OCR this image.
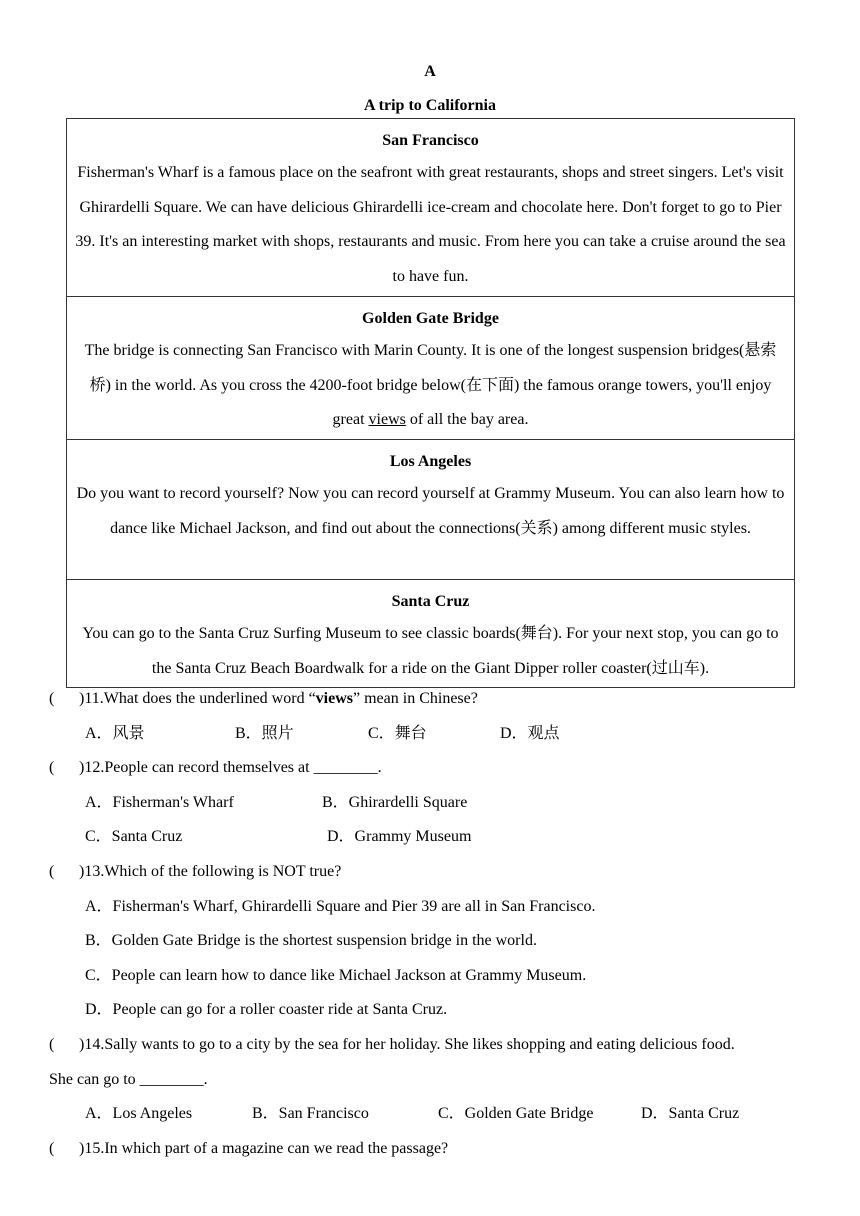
A
A trip to California
San Francisco
Fisherman's Wharf is a famous place on the seafront with great restaurants, shops and street singers. Let's visit Ghirardelli Square. We can have delicious Ghirardelli ice-cream and chocolate here. Don't forget to go to Pier 39. It's an interesting market with shops, restaurants and music. From here you can take a cruise around the sea to have fun.

Golden Gate Bridge
The bridge is connecting San Francisco with Marin County. It is one of the longest suspension bridges(悬索桥) in the world. As you cross the 4200-foot bridge below(在下面) the famous orange towers, you'll enjoy great views of all the bay area.

Los Angeles
Do you want to record yourself? Now you can record yourself at Grammy Museum. You can also learn how to dance like Michael Jackson, and find out about the connections(关系) among different music styles.

Santa Cruz
You can go to the Santa Cruz Surfing Museum to see classic boards(舞台). For your next stop, you can go to the Santa Cruz Beach Boardwalk for a ride on the Giant Dipper roller coaster(过山车).
( )11.What does the underlined word “views” mean in Chinese?
A．风景	B．照片	C．舞台	D．观点
( )12.People can record themselves at ________.
A．Fisherman's Wharf	B．Ghirardelli Square
C．Santa Cruz	D．Grammy Museum
( )13.Which of the following is NOT true?
A．Fisherman's Wharf, Ghirardelli Square and Pier 39 are all in San Francisco.
B．Golden Gate Bridge is the shortest suspension bridge in the world.
C．People can learn how to dance like Michael Jackson at Grammy Museum.
D．People can go for a roller coaster ride at Santa Cruz.
( )14.Sally wants to go to a city by the sea for her holiday. She likes shopping and eating delicious food.
She can go to ________.
A．Los Angeles	B．San Francisco	C．Golden Gate Bridge	D．Santa Cruz
( )15.In which part of a magazine can we read the passage?
